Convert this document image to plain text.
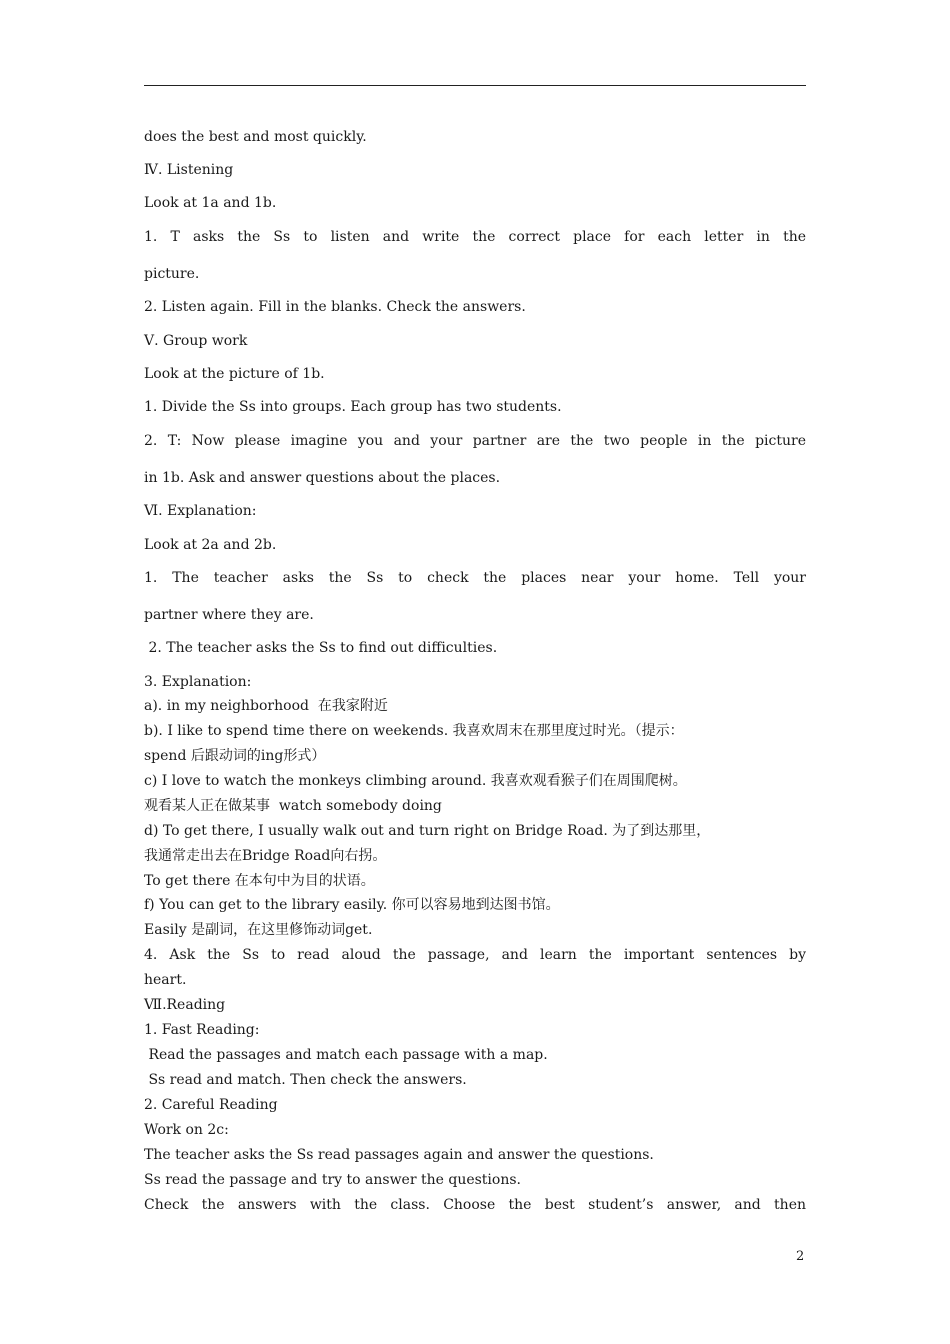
does the best and most quickly.
Ⅳ. Listening
Look at 1a and 1b.
1. T asks the Ss to listen and write the correct place for each letter in the
picture.
2. Listen again. Fill in the blanks. Check the answers.
Ⅴ. Group work
Look at the picture of 1b.
1. Divide the Ss into groups. Each group has two students.
2. T: Now please imagine you and your partner are the two people in the picture
in 1b. Ask and answer questions about the places.
Ⅵ. Explanation:
Look at 2a and 2b.
1. The teacher asks the Ss to check the places near your home. Tell your
partner where they are.
2. The teacher asks the Ss to find out difficulties.
3. Explanation:
a). in my neighborhood  在我家附近
b). I like to spend time there on weekends. 我喜欢周末在那里度过时光。（提示：
spend 后跟动词的ing形式）
c) I love to watch the monkeys climbing around. 我喜欢观看猴子们在周围爬树。
观看某人正在做某事  watch somebody doing
d) To get there, I usually walk out and turn right on Bridge Road. 为了到达那里，
我通常走出去在Bridge Road向右拐。
To get there 在本句中为目的状语。
f) You can get to the library easily. 你可以容易地到达图书馆。
Easily 是副词，在这里修饰动词get.
4. Ask the Ss to read aloud the passage, and learn the important sentences by
heart.
Ⅶ.Reading
1. Fast Reading:
Read the passages and match each passage with a map.
Ss read and match. Then check the answers.
2. Careful Reading
Work on 2c:
The teacher asks the Ss read passages again and answer the questions.
Ss read the passage and try to answer the questions.
Check the answers with the class. Choose the best student’s answer, and then
2
